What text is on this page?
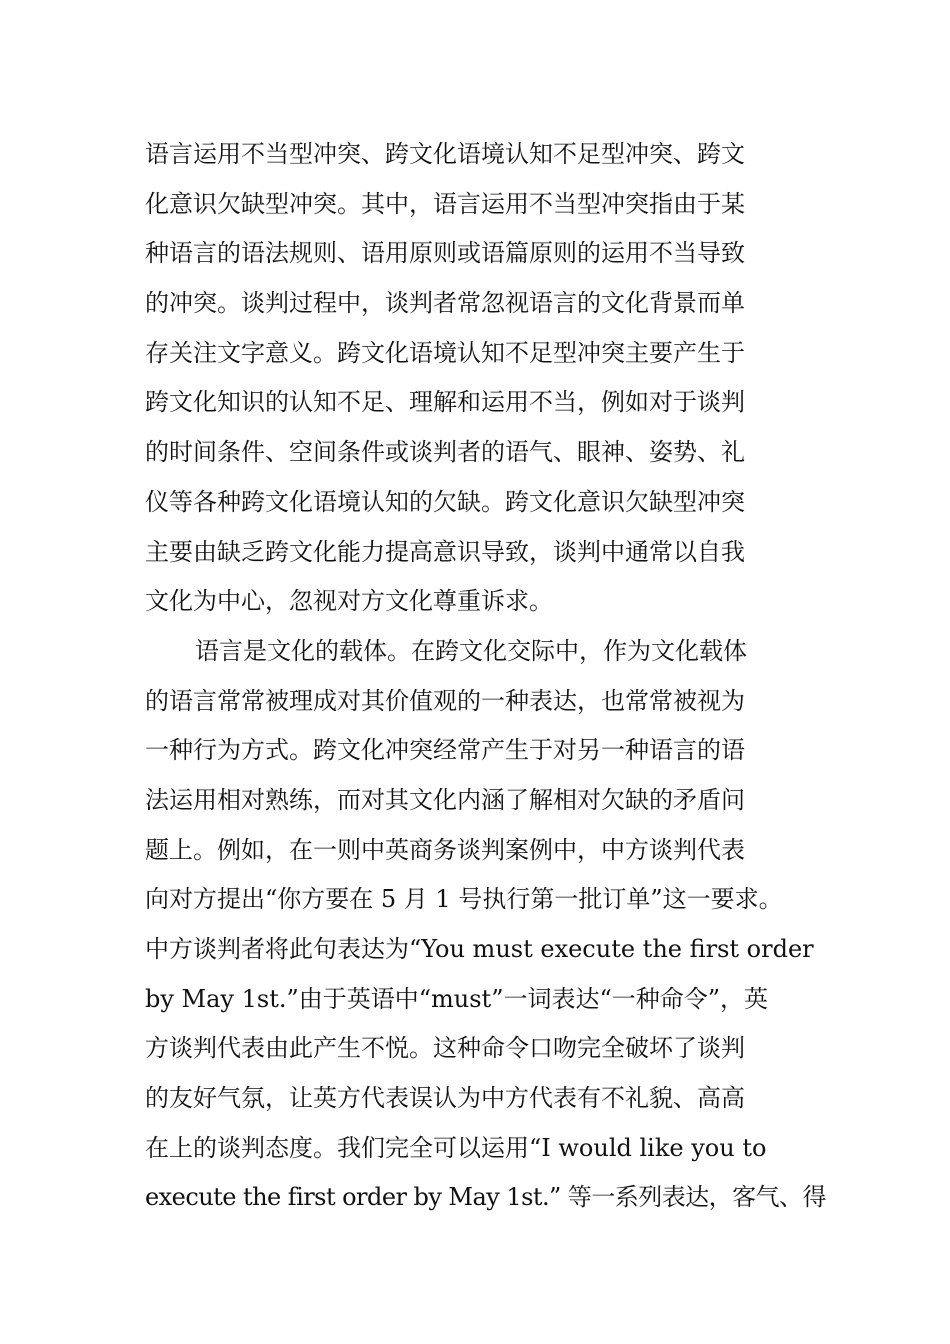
语言运用不当型冲突、跨文化语境认知不足型冲突、跨文
化意识欠缺型冲突。其中，语言运用不当型冲突指由于某
种语言的语法规则、语用原则或语篇原则的运用不当导致
的冲突。谈判过程中，谈判者常忽视语言的文化背景而单
存关注文字意义。跨文化语境认知不足型冲突主要产生于
跨文化知识的认知不足、理解和运用不当，例如对于谈判
的时间条件、空间条件或谈判者的语气、眼神、姿势、礼
仪等各种跨文化语境认知的欠缺。跨文化意识欠缺型冲突
主要由缺乏跨文化能力提高意识导致，谈判中通常以自我
文化为中心，忽视对方文化尊重诉求。
语言是文化的载体。在跨文化交际中，作为文化载体
的语言常常被理成对其价值观的一种表达，也常常被视为
一种行为方式。跨文化冲突经常产生于对另一种语言的语
法运用相对熟练，而对其文化内涵了解相对欠缺的矛盾问
题上。例如，在一则中英商务谈判案例中，中方谈判代表
向对方提出“你方要在 5 月 1 号执行第一批订单”这一要求。
中方谈判者将此句表达为“You must execute the first order
by May 1st.”由于英语中“must”一词表达“一种命令”，英
方谈判代表由此产生不悦。这种命令口吻完全破坏了谈判
的友好气氛，让英方代表误认为中方代表有不礼貌、高高
在上的谈判态度。我们完全可以运用“I would like you to
execute the first order by May 1st.” 等一系列表达，客气、得
